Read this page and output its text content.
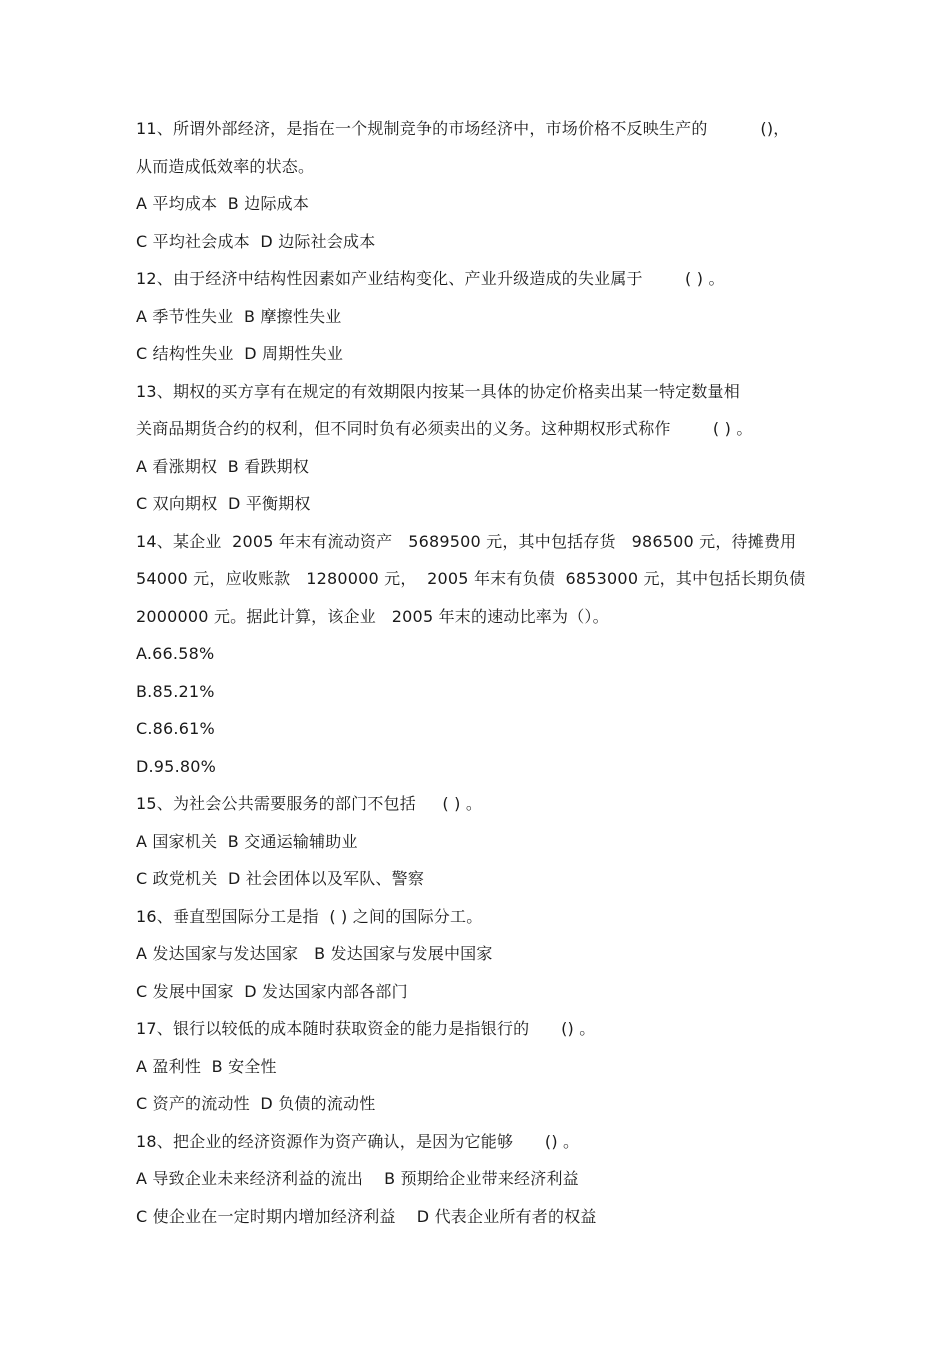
11、所谓外部经济，是指在一个规制竞争的市场经济中，市场价格不反映生产的          ()，
从而造成低效率的状态。
A 平均成本  B 边际成本
C 平均社会成本  D 边际社会成本
12、由于经济中结构性因素如产业结构变化、产业升级造成的失业属于        ( ) 。
A 季节性失业  B 摩擦性失业
C 结构性失业  D 周期性失业
13、期权的买方享有在规定的有效期限内按某一具体的协定价格卖出某一特定数量相
关商品期货合约的权利，但不同时负有必须卖出的义务。这种期权形式称作        ( ) 。
A 看涨期权  B 看跌期权
C 双向期权  D 平衡期权
14、某企业  2005 年末有流动资产   5689500 元，其中包括存货   986500 元，待摊费用
54000 元，应收账款   1280000 元，  2005 年末有负债  6853000 元，其中包括长期负债
2000000 元。据此计算，该企业   2005 年末的速动比率为（）。
A.66.58%
B.85.21%
C.86.61%
D.95.80%
15、为社会公共需要服务的部门不包括     ( ) 。
A 国家机关  B 交通运输辅助业
C 政党机关  D 社会团体以及军队、警察
16、垂直型国际分工是指  ( ) 之间的国际分工。
A 发达国家与发达国家   B 发达国家与发展中国家
C 发展中国家  D 发达国家内部各部门
17、银行以较低的成本随时获取资金的能力是指银行的      () 。
A 盈利性  B 安全性
C 资产的流动性  D 负债的流动性
18、把企业的经济资源作为资产确认，是因为它能够      () 。
A 导致企业未来经济利益的流出    B 预期给企业带来经济利益
C 使企业在一定时期内增加经济利益    D 代表企业所有者的权益
